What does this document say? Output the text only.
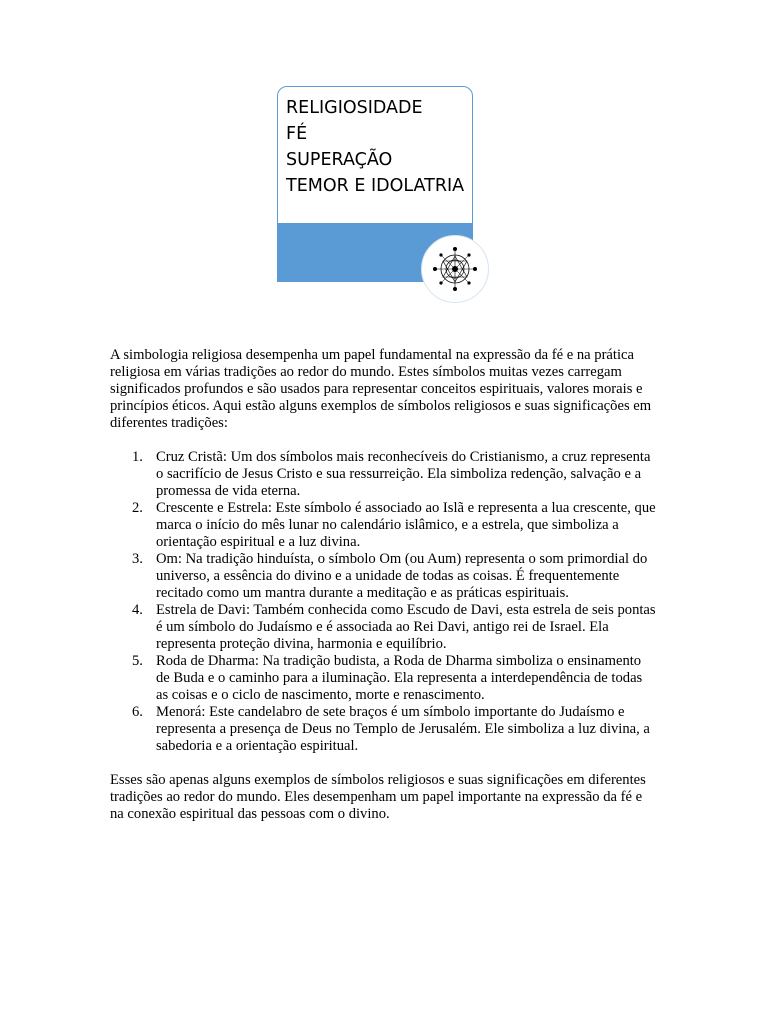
RELIGIOSIDADE
FÉ
SUPERAÇÃO
TEMOR E IDOLATRIA

A simbologia religiosa desempenha um papel fundamental na expressão da fé e na prática religiosa em várias tradições ao redor do mundo. Estes símbolos muitas vezes carregam significados profundos e são usados para representar conceitos espirituais, valores morais e princípios éticos. Aqui estão alguns exemplos de símbolos religiosos e suas significações em diferentes tradições:

1. Cruz Cristã: Um dos símbolos mais reconhecíveis do Cristianismo, a cruz representa o sacrifício de Jesus Cristo e sua ressurreição. Ela simboliza redenção, salvação e a promessa de vida eterna.
2. Crescente e Estrela: Este símbolo é associado ao Islã e representa a lua crescente, que marca o início do mês lunar no calendário islâmico, e a estrela, que simboliza a orientação espiritual e a luz divina.
3. Om: Na tradição hinduísta, o símbolo Om (ou Aum) representa o som primordial do universo, a essência do divino e a unidade de todas as coisas. É frequentemente recitado como um mantra durante a meditação e as práticas espirituais.
4. Estrela de Davi: Também conhecida como Escudo de Davi, esta estrela de seis pontas é um símbolo do Judaísmo e é associada ao Rei Davi, antigo rei de Israel. Ela representa proteção divina, harmonia e equilíbrio.
5. Roda de Dharma: Na tradição budista, a Roda de Dharma simboliza o ensinamento de Buda e o caminho para a iluminação. Ela representa a interdependência de todas as coisas e o ciclo de nascimento, morte e renascimento.
6. Menorá: Este candelabro de sete braços é um símbolo importante do Judaísmo e representa a presença de Deus no Templo de Jerusalém. Ele simboliza a luz divina, a sabedoria e a orientação espiritual.

Esses são apenas alguns exemplos de símbolos religiosos e suas significações em diferentes tradições ao redor do mundo. Eles desempenham um papel importante na expressão da fé e na conexão espiritual das pessoas com o divino.
